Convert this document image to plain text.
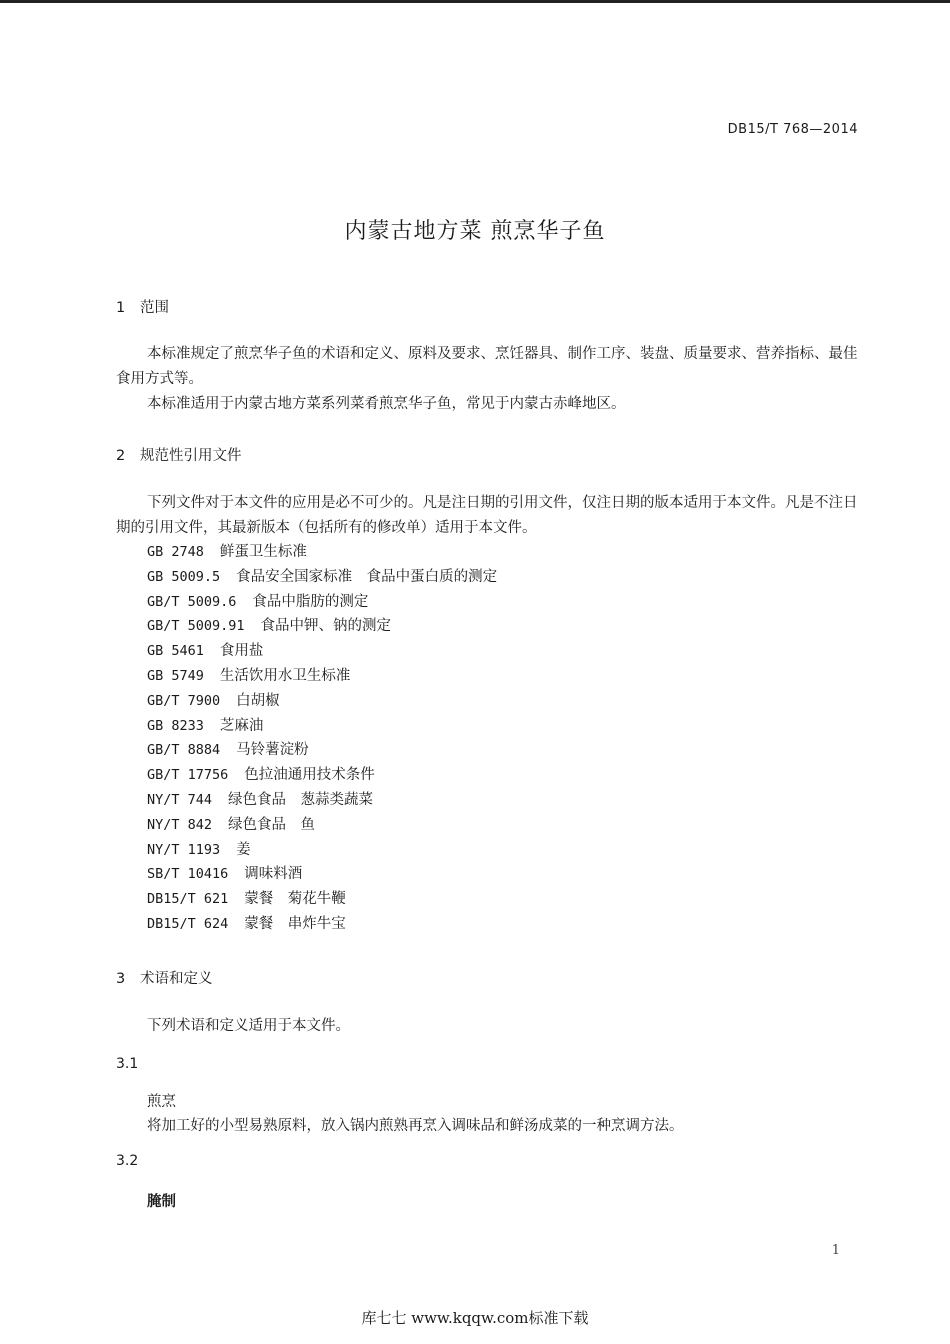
DB15/T 768—2014
内蒙古地方菜 煎烹华子鱼
1 范围
本标准规定了煎烹华子鱼的术语和定义、原料及要求、烹饪器具、制作工序、装盘、质量要求、营养指标、最佳食用方式等。
本标准适用于内蒙古地方菜系列菜肴煎烹华子鱼，常见于内蒙古赤峰地区。
2 规范性引用文件
下列文件对于本文件的应用是必不可少的。凡是注日期的引用文件，仅注日期的版本适用于本文件。凡是不注日期的引用文件，其最新版本（包括所有的修改单）适用于本文件。
GB 2748 鲜蛋卫生标准
GB 5009.5 食品安全国家标准　食品中蛋白质的测定
GB/T 5009.6 食品中脂肪的测定
GB/T 5009.91 食品中钾、钠的测定
GB 5461 食用盐
GB 5749 生活饮用水卫生标准
GB/T 7900 白胡椒
GB 8233 芝麻油
GB/T 8884 马铃薯淀粉
GB/T 17756 色拉油通用技术条件
NY/T 744 绿色食品　葱蒜类蔬菜
NY/T 842 绿色食品　鱼
NY/T 1193 姜
SB/T 10416 调味料酒
DB15/T 621 蒙餐　菊花牛鞭
DB15/T 624 蒙餐　串炸牛宝
3 术语和定义
下列术语和定义适用于本文件。
3.1
煎烹
将加工好的小型易熟原料，放入锅内煎熟再烹入调味品和鲜汤成菜的一种烹调方法。
3.2
腌制
1
库七七 www.kqqw.com标准下载
